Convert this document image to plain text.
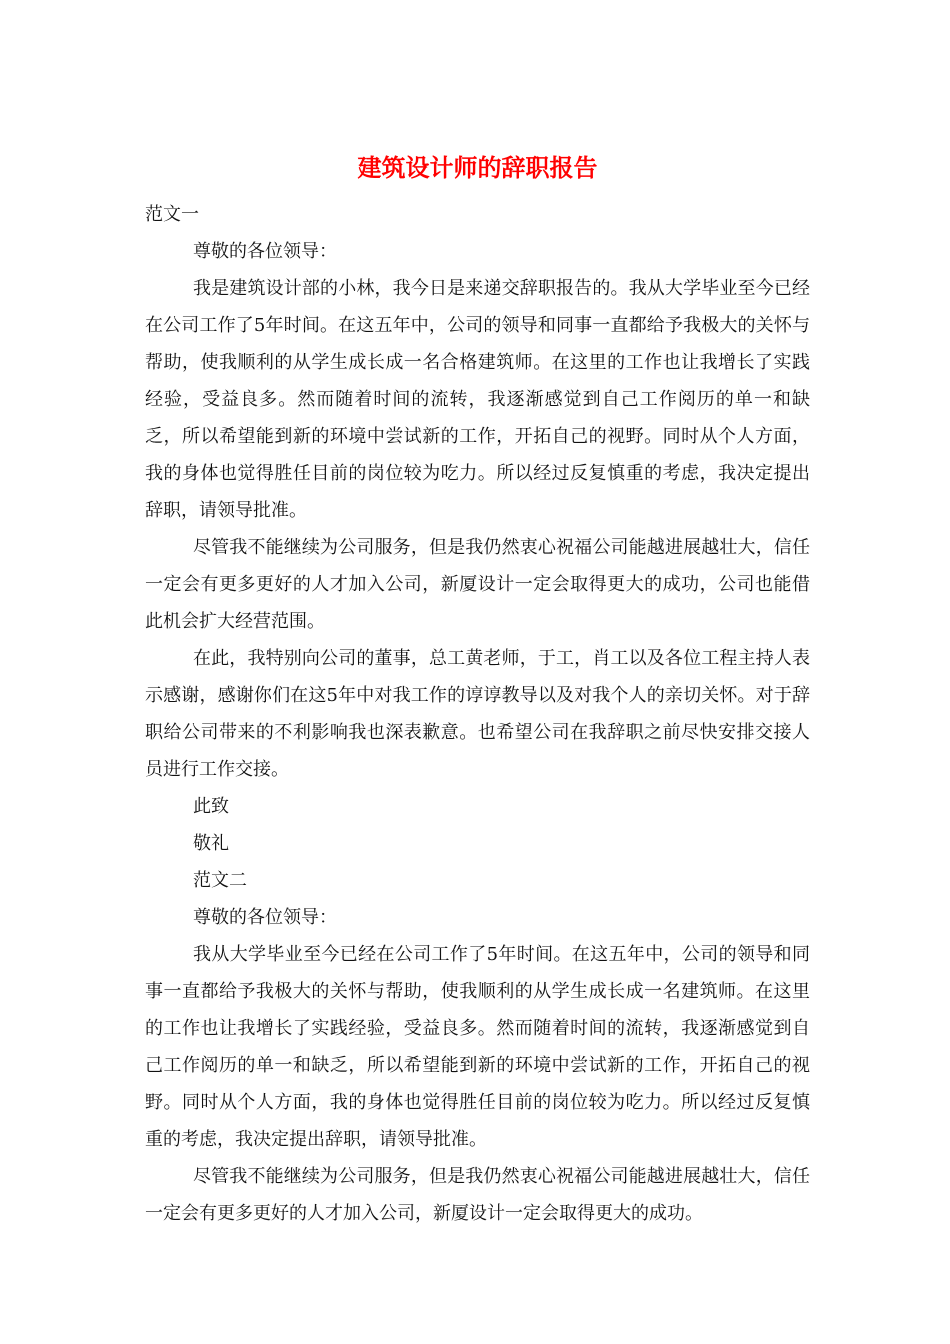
建筑设计师的辞职报告

范文一

尊敬的各位领导：

我是建筑设计部的小林，我今日是来递交辞职报告的。我从大学毕业至今已经在公司工作了5年时间。在这五年中，公司的领导和同事一直都给予我极大的关怀与帮助，使我顺利的从学生成长成一名合格建筑师。在这里的工作也让我增长了实践经验，受益良多。然而随着时间的流转，我逐渐感觉到自己工作阅历的单一和缺乏，所以希望能到新的环境中尝试新的工作，开拓自己的视野。同时从个人方面，我的身体也觉得胜任目前的岗位较为吃力。所以经过反复慎重的考虑，我决定提出辞职，请领导批准。

尽管我不能继续为公司服务，但是我仍然衷心祝福公司能越进展越壮大，信任一定会有更多更好的人才加入公司，新厦设计一定会取得更大的成功，公司也能借此机会扩大经营范围。

在此，我特别向公司的董事，总工黄老师，于工，肖工以及各位工程主持人表示感谢，感谢你们在这5年中对我工作的谆谆教导以及对我个人的亲切关怀。对于辞职给公司带来的不利影响我也深表歉意。也希望公司在我辞职之前尽快安排交接人员进行工作交接。

此致

敬礼

范文二

尊敬的各位领导：

我从大学毕业至今已经在公司工作了5年时间。在这五年中，公司的领导和同事一直都给予我极大的关怀与帮助，使我顺利的从学生成长成一名建筑师。在这里的工作也让我增长了实践经验，受益良多。然而随着时间的流转，我逐渐感觉到自己工作阅历的单一和缺乏，所以希望能到新的环境中尝试新的工作，开拓自己的视野。同时从个人方面，我的身体也觉得胜任目前的岗位较为吃力。所以经过反复慎重的考虑，我决定提出辞职，请领导批准。

尽管我不能继续为公司服务，但是我仍然衷心祝福公司能越进展越壮大，信任一定会有更多更好的人才加入公司，新厦设计一定会取得更大的成功。
